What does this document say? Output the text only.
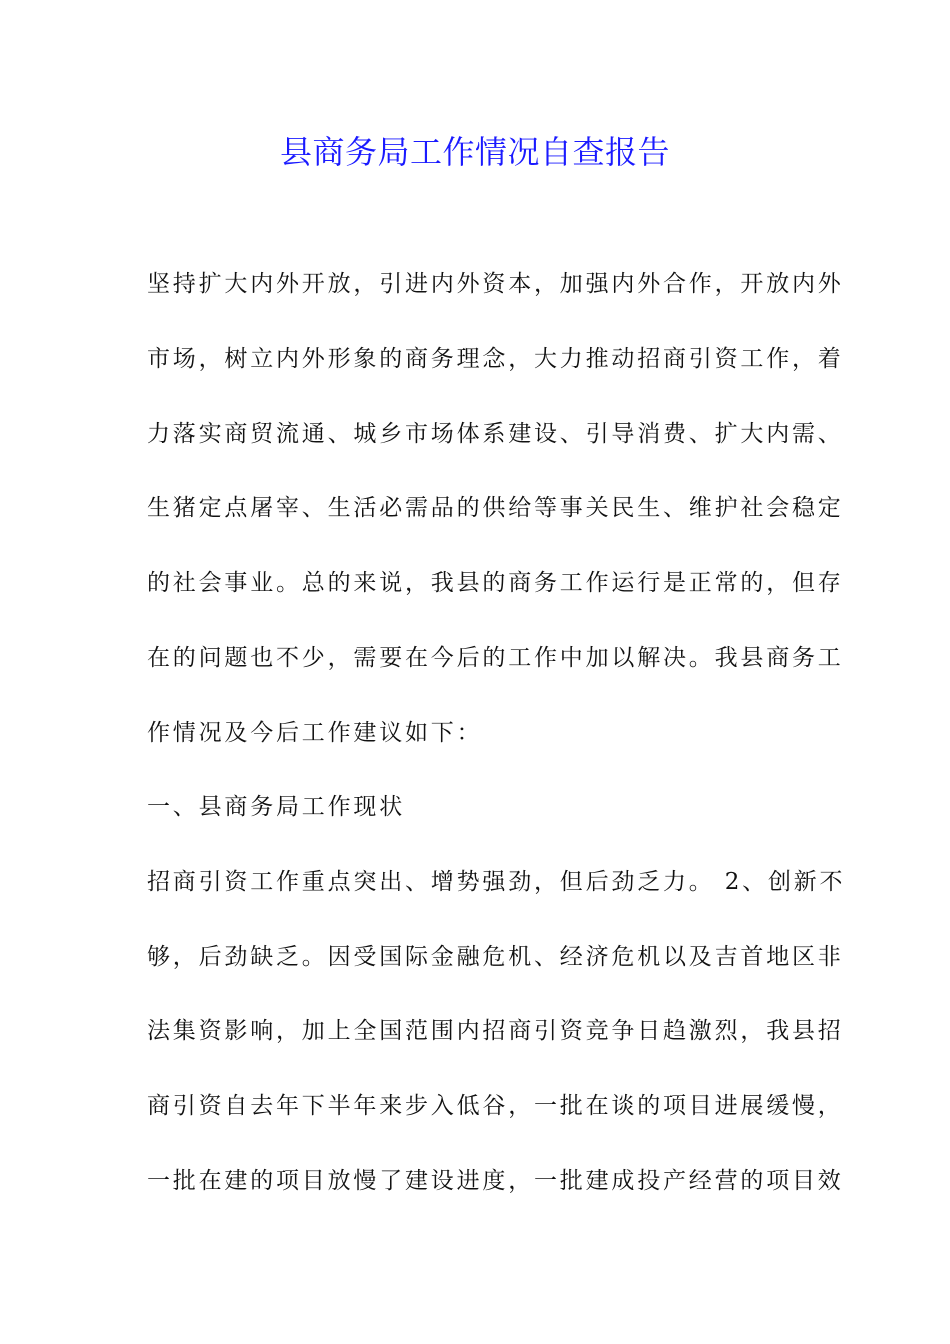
县商务局工作情况自查报告
坚持扩大内外开放，引进内外资本，加强内外合作，开放内外
市场，树立内外形象的商务理念，大力推动招商引资工作，着
力落实商贸流通、城乡市场体系建设、引导消费、扩大内需、
生猪定点屠宰、生活必需品的供给等事关民生、维护社会稳定
的社会事业。总的来说，我县的商务工作运行是正常的，但存
在的问题也不少，需要在今后的工作中加以解决。我县商务工
作情况及今后工作建议如下：
一、县商务局工作现状
招商引资工作重点突出、增势强劲，但后劲乏力。 2、创新不
够，后劲缺乏。因受国际金融危机、经济危机以及吉首地区非
法集资影响，加上全国范围内招商引资竞争日趋激烈，我县招
商引资自去年下半年来步入低谷，一批在谈的项目进展缓慢，
一批在建的项目放慢了建设进度，一批建成投产经营的项目效
